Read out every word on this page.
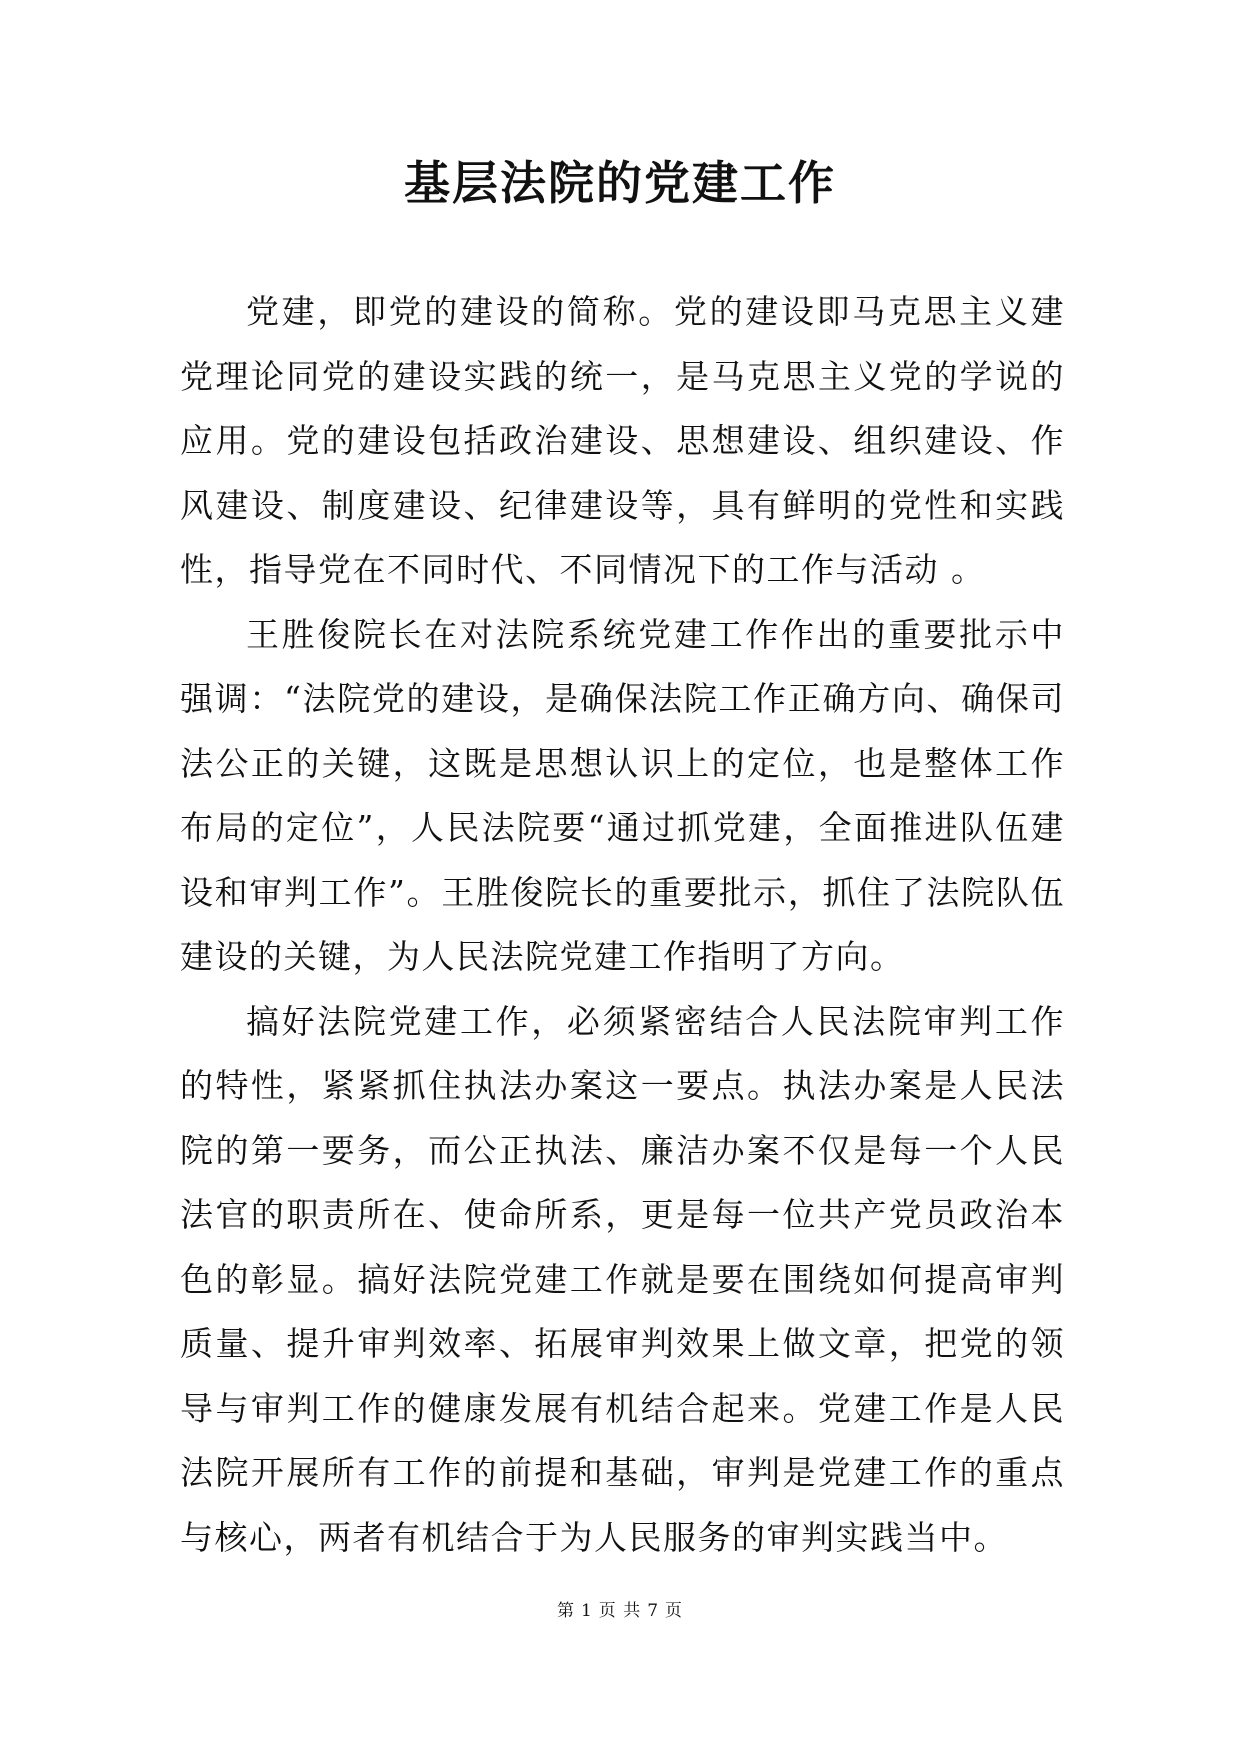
基层法院的党建工作

党建，即党的建设的简称。党的建设即马克思主义建党理论同党的建设实践的统一，是马克思主义党的学说的应用。党的建设包括政治建设、思想建设、组织建设、作风建设、制度建设、纪律建设等，具有鲜明的党性和实践性，指导党在不同时代、不同情况下的工作与活动 。

王胜俊院长在对法院系统党建工作作出的重要批示中强调：“法院党的建设，是确保法院工作正确方向、确保司法公正的关键，这既是思想认识上的定位，也是整体工作布局的定位”，人民法院要“通过抓党建，全面推进队伍建设和审判工作”。王胜俊院长的重要批示，抓住了法院队伍建设的关键，为人民法院党建工作指明了方向。

搞好法院党建工作，必须紧密结合人民法院审判工作的特性，紧紧抓住执法办案这一要点。执法办案是人民法院的第一要务，而公正执法、廉洁办案不仅是每一个人民法官的职责所在、使命所系，更是每一位共产党员政治本色的彰显。搞好法院党建工作就是要在围绕如何提高审判质量、提升审判效率、拓展审判效果上做文章，把党的领导与审判工作的健康发展有机结合起来。党建工作是人民法院开展所有工作的前提和基础，审判是党建工作的重点与核心，两者有机结合于为人民服务的审判实践当中。

第 1 页 共 7 页
